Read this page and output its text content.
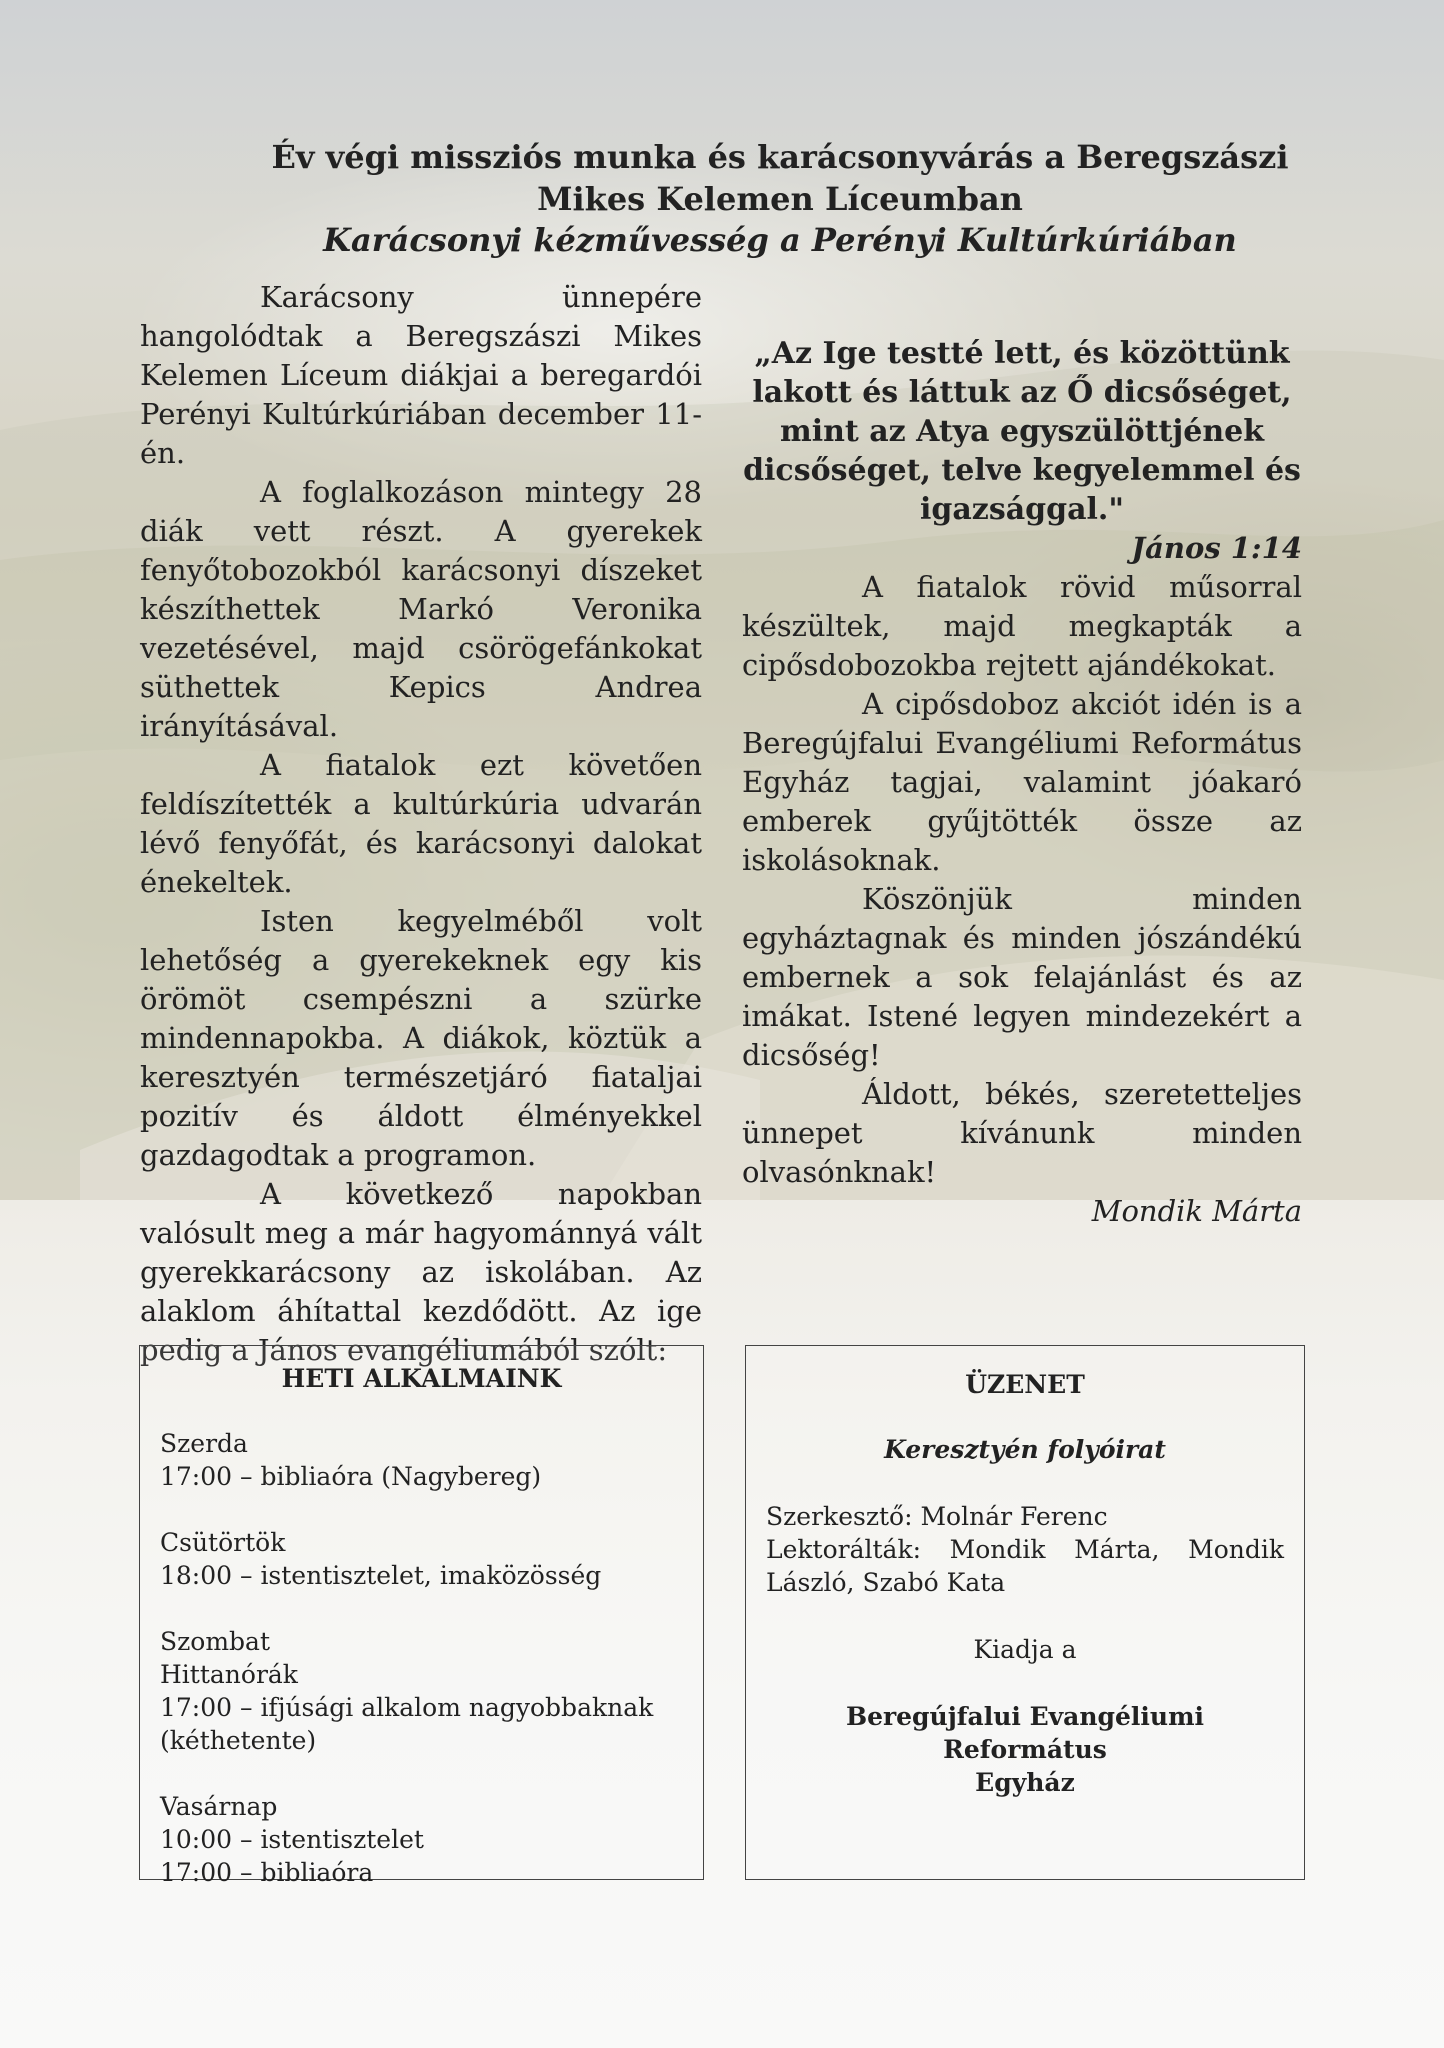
Év végi missziós munka és karácsonyvárás a Beregszászi

Mikes Kelemen Líceumban

Karácsonyi kézművesség a Perényi Kultúrkúriában

Karácsony ünnepére hangolódtak a Beregszászi Mikes Kelemen Líceum diákjai a beregardói Perényi Kultúrkúriában december 11-én.

A foglalkozáson mintegy 28 diák vett részt. A gyerekek fenyőtobozokból karácsonyi díszeket készíthettek Markó Veronika vezetésével, majd csörögefánkokat süthettek Kepics Andrea irányításával.

A fiatalok ezt követően feldíszítették a kultúrkúria udvarán lévő fenyőfát, és karácsonyi dalokat énekeltek.

Isten kegyelméből volt lehetőség a gyerekeknek egy kis örömöt csempészni a szürke mindennapokba. A diákok, köztük a keresztyén természetjáró fiataljai pozitív és áldott élményekkel gazdagodtak a programon.

A következő napokban valósult meg a már hagyománnyá vált gyerekkarácsony az iskolában. Az alaklom áhítattal kezdődött. Az ige pedig a János evangéliumából szólt:

„Az Ige testté lett, és közöttünk lakott és láttuk az Ő dicsőséget, mint az Atya egyszülöttjének dicsőséget, telve kegyelemmel és igazsággal."

János 1:14

A fiatalok rövid műsorral készültek, majd megkapták a cipősdobozokba rejtett ajándékokat.

A cipősdoboz akciót idén is a Beregújfalui Evangéliumi Református Egyház tagjai, valamint jóakaró emberek gyűjtötték össze az iskolásoknak.

Köszönjük minden egyháztagnak és minden jószándékú embernek a sok felajánlást és az imákat. Istené legyen mindezekért a dicsőség!

Áldott, békés, szeretetteljes ünnepet kívánunk minden olvasónknak!

Mondik Márta

HETI ALKALMAINK

Szerda
17:00 – bibliaóra (Nagybereg)
Csütörtök
18:00 – istentisztelet, imaközösség
Szombat
Hittanórák
17:00 – ifjúsági alkalom nagyobbaknak (kéthetente)
Vasárnap
10:00 – istentisztelet
17:00 – bibliaóra

ÜZENET

Keresztyén folyóirat

Szerkesztő: Molnár Ferenc
Lektorálták: Mondik Márta, Mondik László, Szabó Kata
Kiadja a
Beregújfalui Evangéliumi
Református
Egyház
